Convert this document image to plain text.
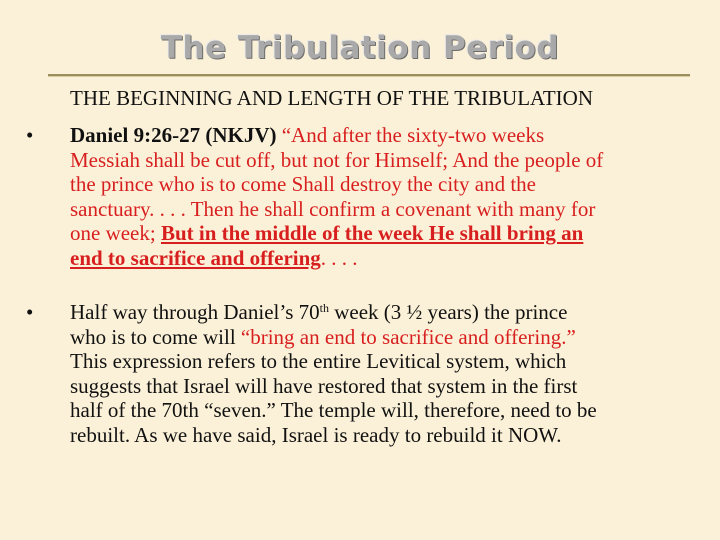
The Tribulation Period
THE BEGINNING AND LENGTH OF THE TRIBULATION
• Daniel 9:26-27 (NKJV) “And after the sixty-two weeks
Messiah shall be cut off, but not for Himself; And the people of
the prince who is to come Shall destroy the city and the
sanctuary. . . . Then he shall confirm a covenant with many for
one week; But in the middle of the week He shall bring an
end to sacrifice and offering. . . .
• Half way through Daniel’s 70th week (3 ½ years) the prince
who is to come will “bring an end to sacrifice and offering.”
This expression refers to the entire Levitical system, which
suggests that Israel will have restored that system in the first
half of the 70th “seven.” The temple will, therefore, need to be
rebuilt. As we have said, Israel is ready to rebuild it NOW.
